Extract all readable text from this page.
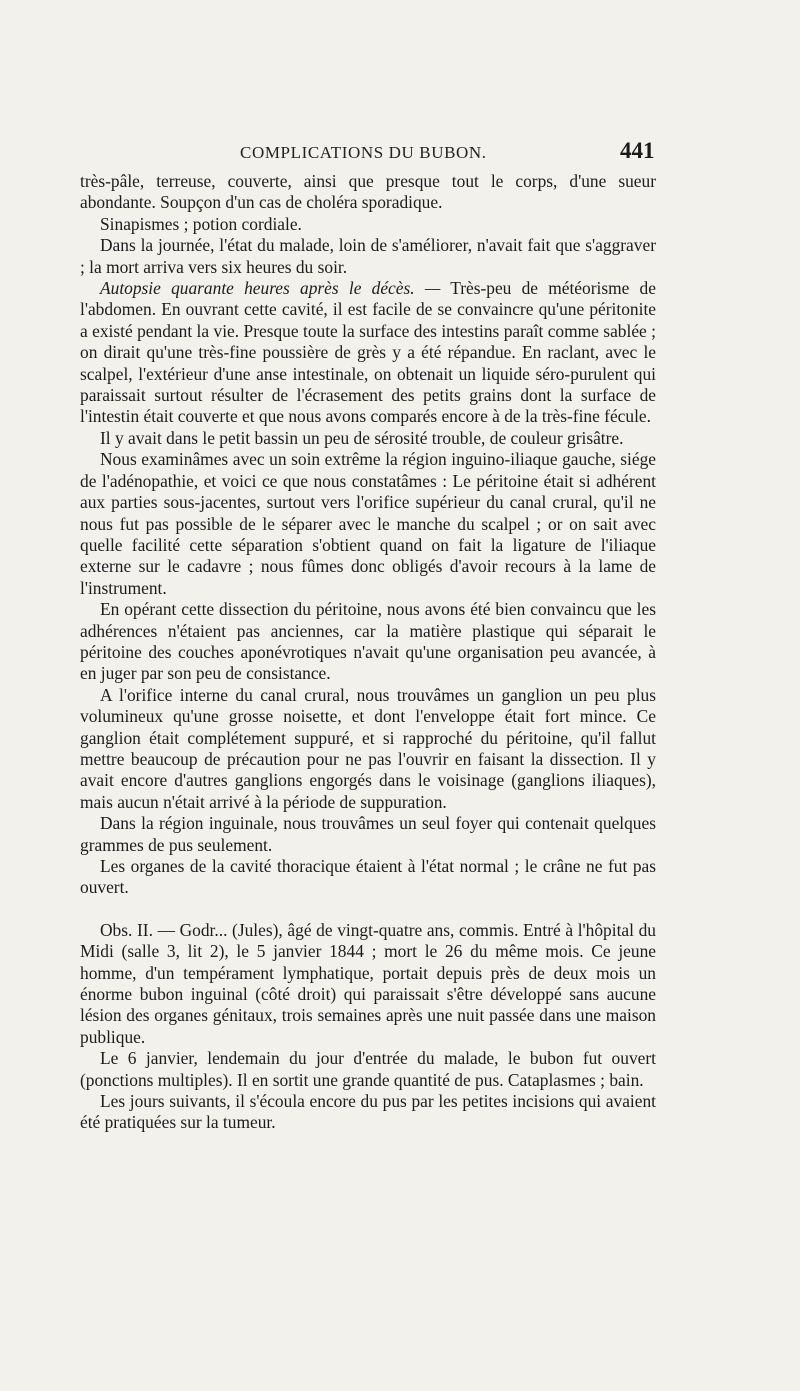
COMPLICATIONS DU BUBON.	441

très-pâle, terreuse, couverte, ainsi que presque tout le corps, d'une sueur abondante. Soupçon d'un cas de choléra sporadique.

Sinapismes ; potion cordiale.

Dans la journée, l'état du malade, loin de s'améliorer, n'avait fait que s'aggraver ; la mort arriva vers six heures du soir.

Autopsie quarante heures après le décès. — Très-peu de météorisme de l'abdomen. En ouvrant cette cavité, il est facile de se convaincre qu'une péritonite a existé pendant la vie. Presque toute la surface des intestins paraît comme sablée ; on dirait qu'une très-fine poussière de grès y a été répandue. En raclant, avec le scalpel, l'extérieur d'une anse intestinale, on obtenait un liquide séro-purulent qui paraissait surtout résulter de l'écrasement des petits grains dont la surface de l'intestin était couverte et que nous avons comparés encore à de la très-fine fécule.

Il y avait dans le petit bassin un peu de sérosité trouble, de couleur grisâtre.

Nous examinâmes avec un soin extrême la région inguino-iliaque gauche, siége de l'adénopathie, et voici ce que nous constatâmes : Le péritoine était si adhérent aux parties sous-jacentes, surtout vers l'orifice supérieur du canal crural, qu'il ne nous fut pas possible de le séparer avec le manche du scalpel ; or on sait avec quelle facilité cette séparation s'obtient quand on fait la ligature de l'iliaque externe sur le cadavre ; nous fûmes donc obligés d'avoir recours à la lame de l'instrument.

En opérant cette dissection du péritoine, nous avons été bien convaincu que les adhérences n'étaient pas anciennes, car la matière plastique qui séparait le péritoine des couches aponévrotiques n'avait qu'une organisation peu avancée, à en juger par son peu de consistance.

A l'orifice interne du canal crural, nous trouvâmes un ganglion un peu plus volumineux qu'une grosse noisette, et dont l'enveloppe était fort mince. Ce ganglion était complétement suppuré, et si rapproché du péritoine, qu'il fallut mettre beaucoup de précaution pour ne pas l'ouvrir en faisant la dissection. Il y avait encore d'autres ganglions engorgés dans le voisinage (ganglions iliaques), mais aucun n'était arrivé à la période de suppuration.

Dans la région inguinale, nous trouvâmes un seul foyer qui contenait quelques grammes de pus seulement.

Les organes de la cavité thoracique étaient à l'état normal ; le crâne ne fut pas ouvert.

Obs. II. — Godr... (Jules), âgé de vingt-quatre ans, commis. Entré à l'hôpital du Midi (salle 3, lit 2), le 5 janvier 1844 ; mort le 26 du même mois. Ce jeune homme, d'un tempérament lymphatique, portait depuis près de deux mois un énorme bubon inguinal (côté droit) qui paraissait s'être développé sans aucune lésion des organes génitaux, trois semaines après une nuit passée dans une maison publique.

Le 6 janvier, lendemain du jour d'entrée du malade, le bubon fut ouvert (ponctions multiples). Il en sortit une grande quantité de pus. Cataplasmes ; bain.

Les jours suivants, il s'écoula encore du pus par les petites incisions qui avaient été pratiquées sur la tumeur.
